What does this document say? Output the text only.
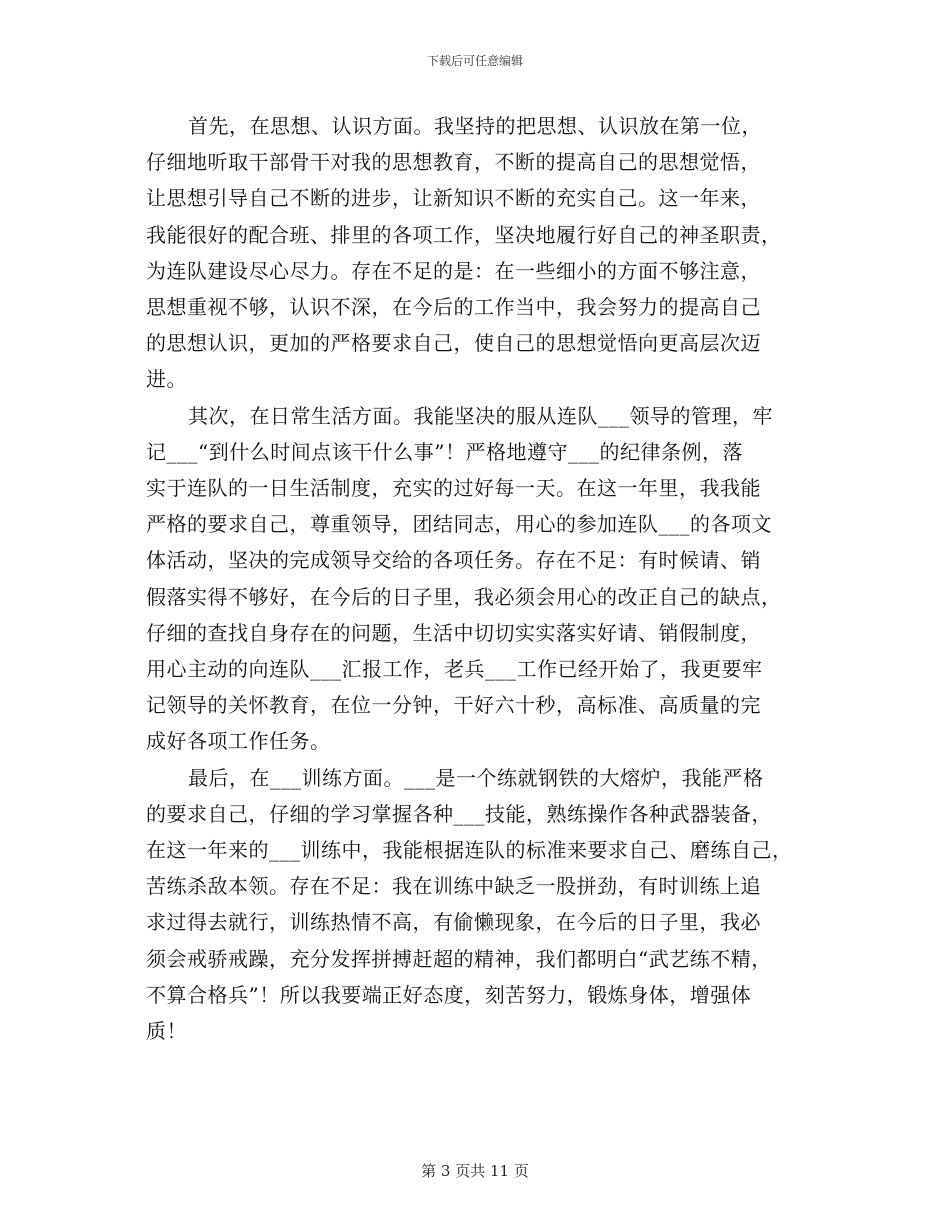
下载后可任意编辑
首先，在思想、认识方面。我坚持的把思想、认识放在第一位，
仔细地听取干部骨干对我的思想教育，不断的提高自己的思想觉悟，
让思想引导自己不断的进步，让新知识不断的充实自己。这一年来，
我能很好的配合班、排里的各项工作，坚决地履行好自己的神圣职责，
为连队建设尽心尽力。存在不足的是：在一些细小的方面不够注意，
思想重视不够，认识不深，在今后的工作当中，我会努力的提高自己
的思想认识，更加的严格要求自己，使自己的思想觉悟向更高层次迈
进。
其次，在日常生活方面。我能坚决的服从连队___领导的管理，牢
记___“到什么时间点该干什么事”！严格地遵守___的纪律条例，落
实于连队的一日生活制度，充实的过好每一天。在这一年里，我我能
严格的要求自己，尊重领导，团结同志，用心的参加连队___的各项文
体活动，坚决的完成领导交给的各项任务。存在不足：有时候请、销
假落实得不够好，在今后的日子里，我必须会用心的改正自己的缺点，
仔细的查找自身存在的问题，生活中切切实实落实好请、销假制度，
用心主动的向连队___汇报工作，老兵___工作已经开始了，我更要牢
记领导的关怀教育，在位一分钟，干好六十秒，高标准、高质量的完
成好各项工作任务。
最后，在___训练方面。___是一个练就钢铁的大熔炉，我能严格
的要求自己，仔细的学习掌握各种___技能，熟练操作各种武器装备，
在这一年来的___训练中，我能根据连队的标准来要求自己、磨练自己，
苦练杀敌本领。存在不足：我在训练中缺乏一股拼劲，有时训练上追
求过得去就行，训练热情不高，有偷懒现象，在今后的日子里，我必
须会戒骄戒躁，充分发挥拼搏赶超的精神，我们都明白“武艺练不精，
不算合格兵”！所以我要端正好态度，刻苦努力，锻炼身体，增强体
质！
第 3 页共 11 页
